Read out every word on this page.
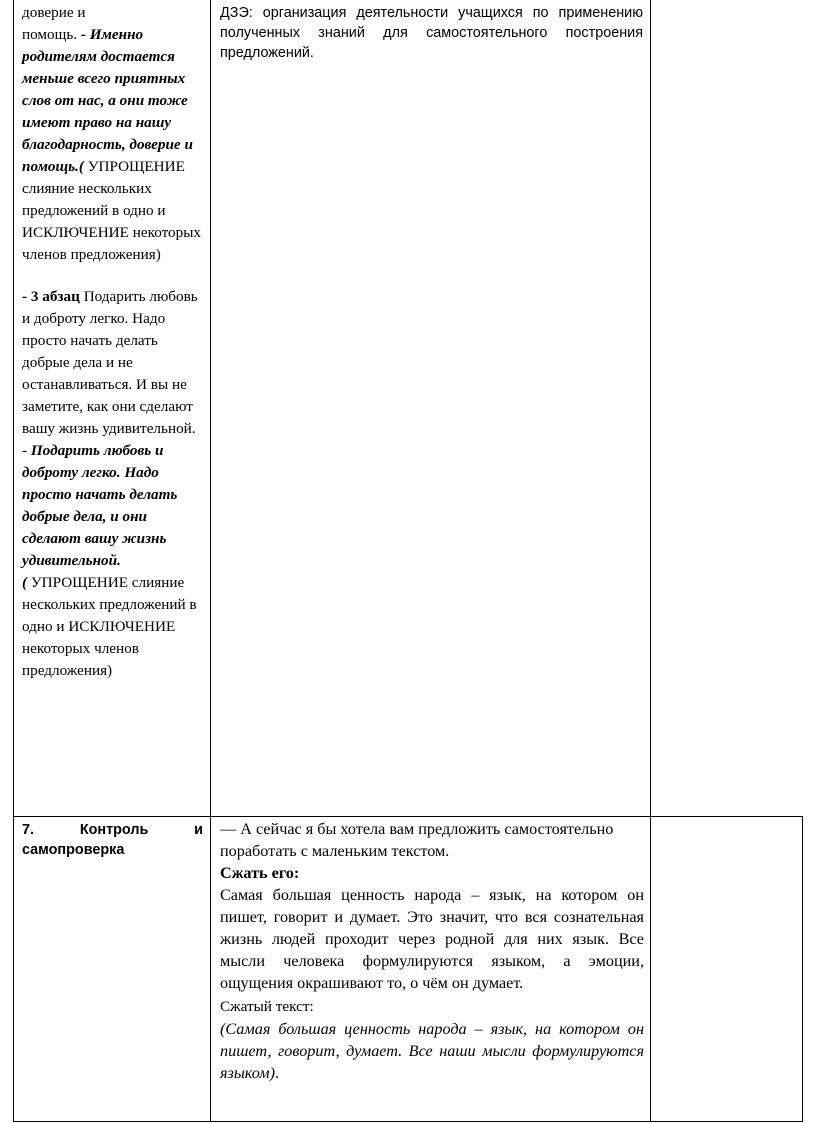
доверие и
помощь. - Именно родителям достается меньше всего приятных слов от нас, а они тоже имеют право на нашу благодарность, доверие и помощь.( УПРОЩЕНИЕ слияние нескольких предложений в одно и ИСКЛЮЧЕНИЕ некоторых членов предложения)

- 3 абзац Подарить любовь и доброту легко. Надо просто начать делать добрые дела и не останавливаться. И вы не заметите, как они сделают вашу жизнь удивительной.
- Подарить любовь и доброту легко. Надо просто начать делать добрые дела, и они сделают вашу жизнь удивительной.
( УПРОЩЕНИЕ слияние нескольких предложений в одно и ИСКЛЮЧЕНИЕ некоторых членов предложения)

ДЗЭ: организация деятельности учащихся по применению полученных знаний для самостоятельного построения предложений.

7.	Контроль	и
самопроверка

— А сейчас я бы хотела вам предложить самостоятельно поработать с маленьким текстом.

Сжать его:

Самая большая ценность народа – язык, на котором он пишет, говорит и думает. Это значит, что вся сознательная жизнь людей проходит через родной для них язык. Все мысли человека формулируются языком, а эмоции, ощущения окрашивают то, о чём он думает.

Сжатый текст:

(Самая большая ценность народа – язык, на котором он пишет, говорит, думает. Все наши мысли формулируются языком).
